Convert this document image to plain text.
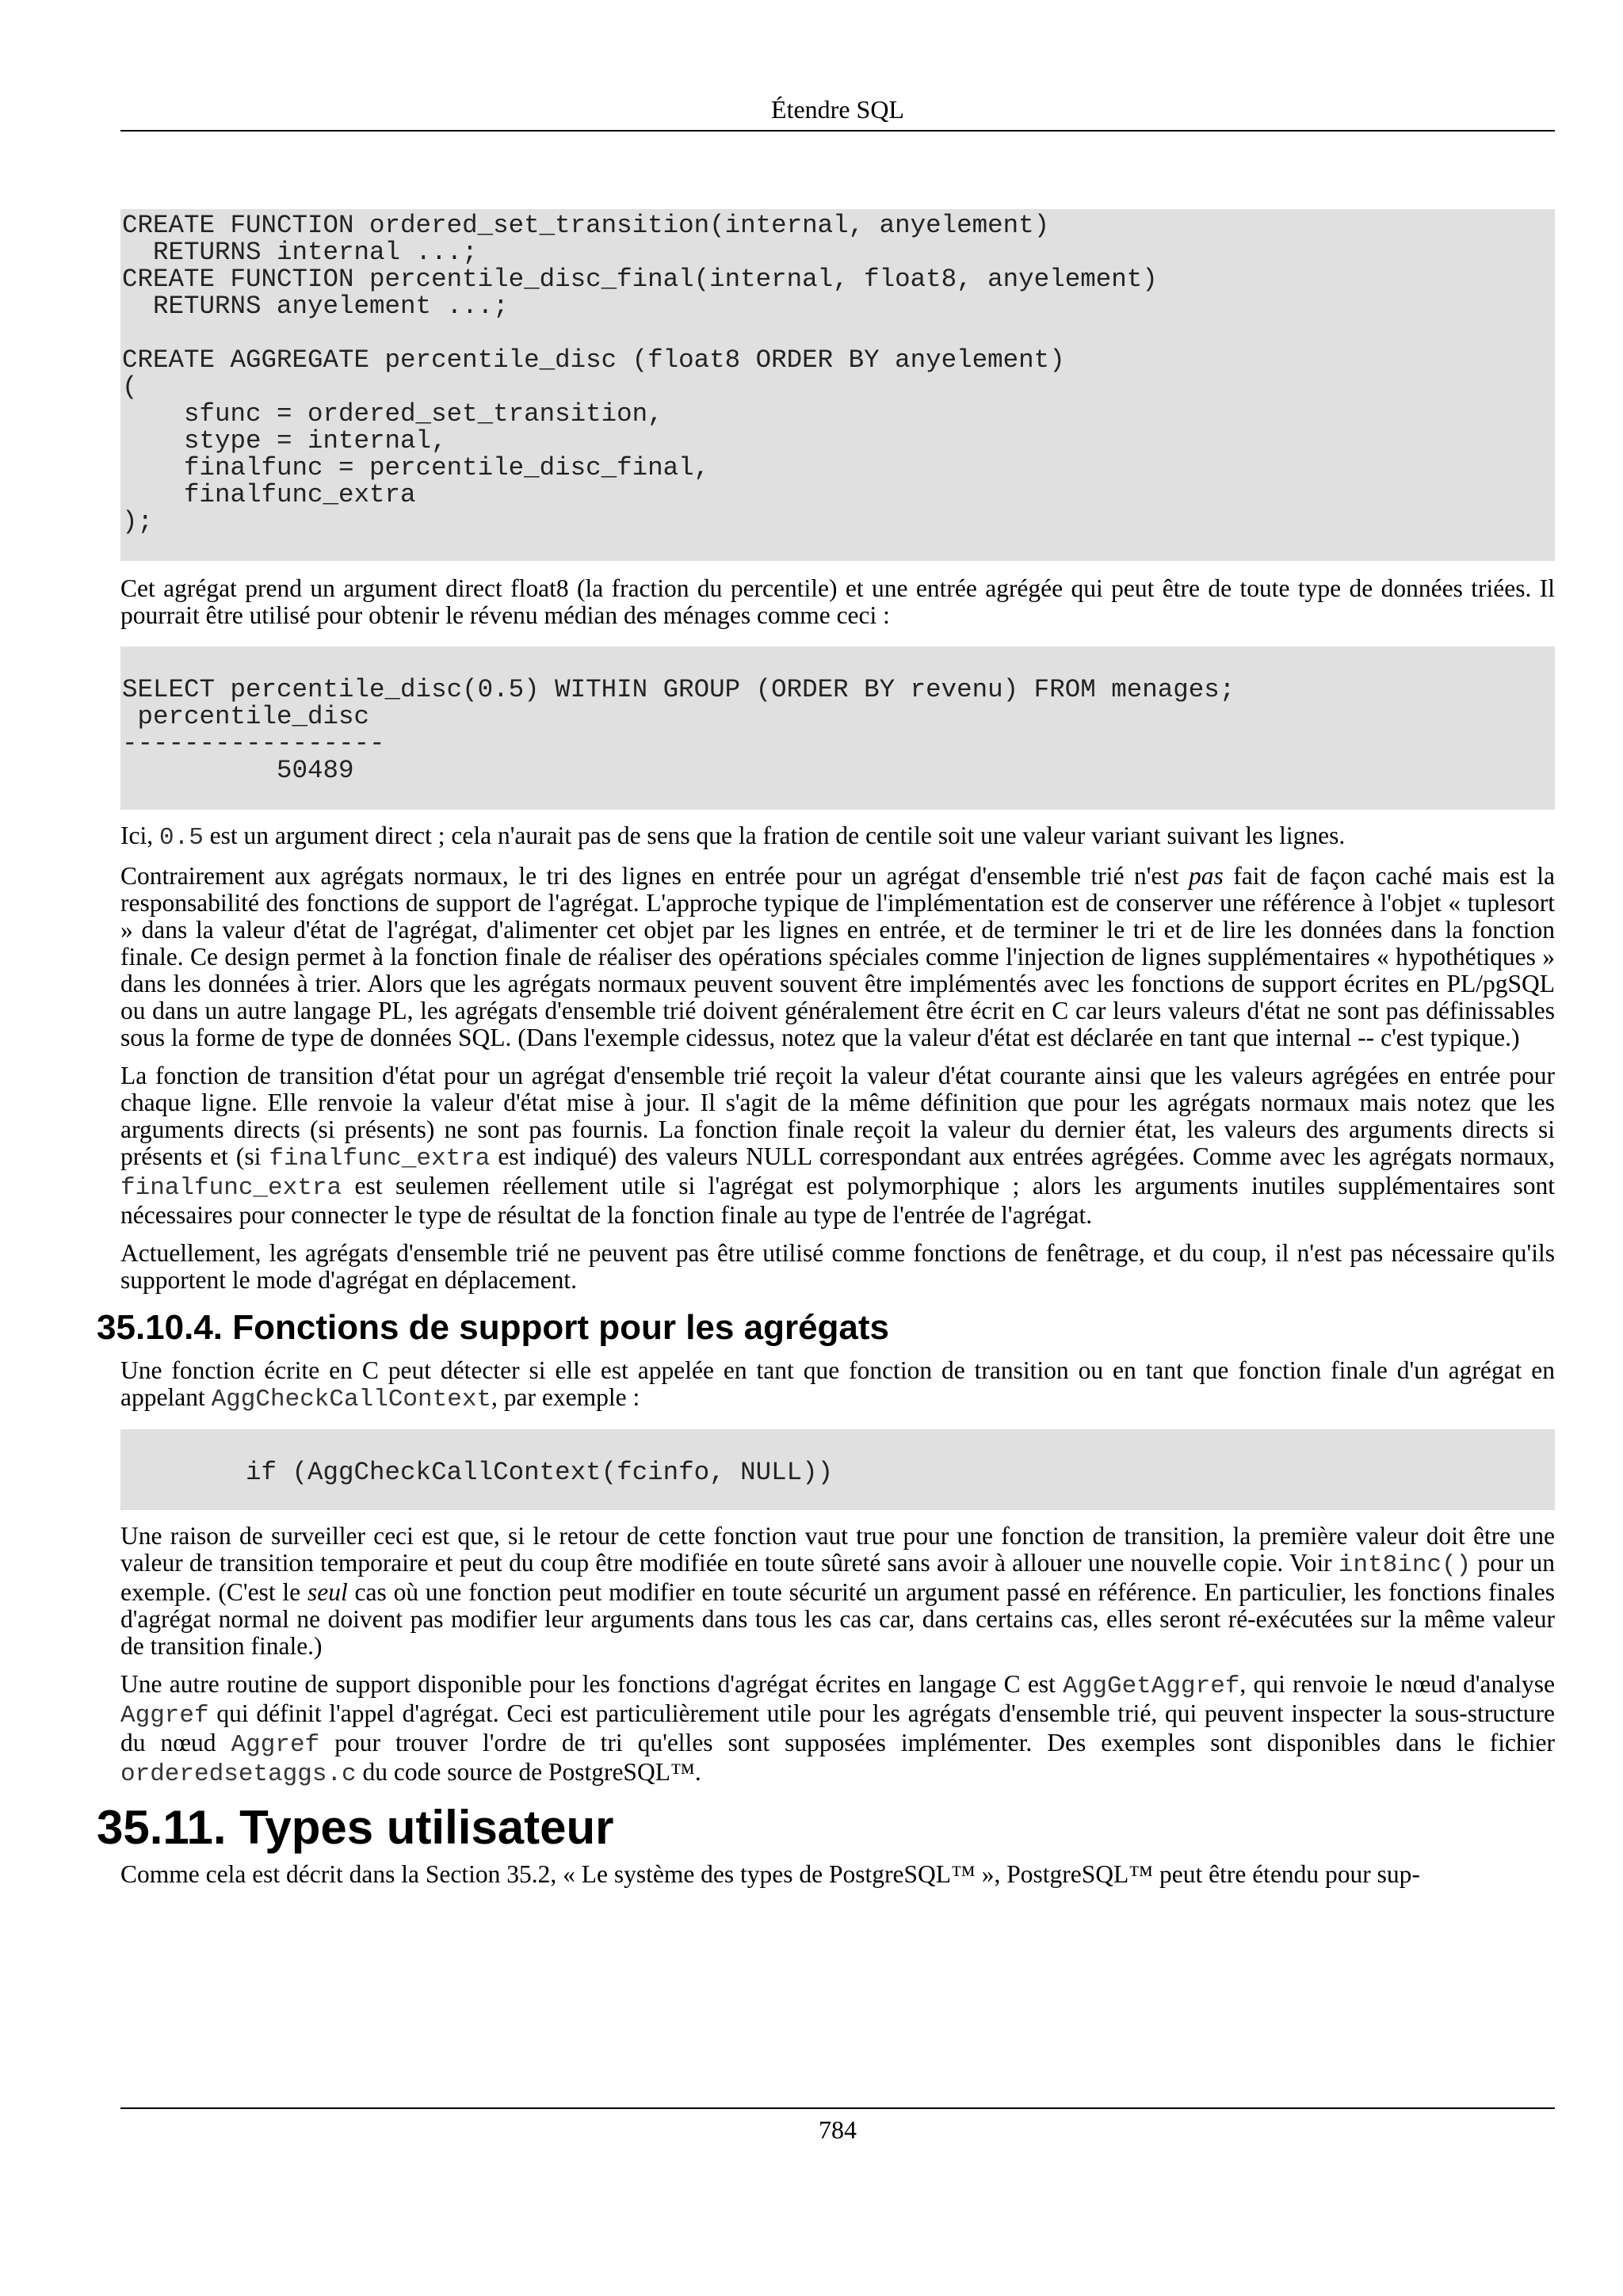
Étendre SQL
CREATE FUNCTION ordered_set_transition(internal, anyelement)
RETURNS internal ...;
CREATE FUNCTION percentile_disc_final(internal, float8, anyelement)
RETURNS anyelement ...;

CREATE AGGREGATE percentile_disc (float8 ORDER BY anyelement)
(
sfunc = ordered_set_transition,
stype = internal,
finalfunc = percentile_disc_final,
finalfunc_extra
);

Cet agrégat prend un argument direct float8 (la fraction du percentile) et une entrée agrégée qui peut être de toute type de données triées. Il pourrait être utilisé pour obtenir le révenu médian des ménages comme ceci :

SELECT percentile_disc(0.5) WITHIN GROUP (ORDER BY revenu) FROM menages;
percentile_disc
-----------------
50489

Ici, 0.5 est un argument direct ; cela n'aurait pas de sens que la fration de centile soit une valeur variant suivant les lignes.

Contrairement aux agrégats normaux, le tri des lignes en entrée pour un agrégat d'ensemble trié n'est pas fait de façon caché mais est la responsabilité des fonctions de support de l'agrégat. L'approche typique de l'implémentation est de conserver une référence à l'objet « tuplesort » dans la valeur d'état de l'agrégat, d'alimenter cet objet par les lignes en entrée, et de terminer le tri et de lire les données dans la fonction finale. Ce design permet à la fonction finale de réaliser des opérations spéciales comme l'injection de lignes supplémentaires « hypothétiques » dans les données à trier. Alors que les agrégats normaux peuvent souvent être implémentés avec les fonctions de support écrites en PL/pgSQL ou dans un autre langage PL, les agrégats d'ensemble trié doivent généralement être écrit en C car leurs valeurs d'état ne sont pas définissables sous la forme de type de données SQL. (Dans l'exemple cidessus, notez que la valeur d'état est déclarée en tant que internal -- c'est typique.)

La fonction de transition d'état pour un agrégat d'ensemble trié reçoit la valeur d'état courante ainsi que les valeurs agrégées en entrée pour chaque ligne. Elle renvoie la valeur d'état mise à jour. Il s'agit de la même définition que pour les agrégats normaux mais notez que les arguments directs (si présents) ne sont pas fournis. La fonction finale reçoit la valeur du dernier état, les valeurs des arguments directs si présents et (si finalfunc_extra est indiqué) des valeurs NULL correspondant aux entrées agrégées. Comme avec les agrégats normaux, finalfunc_extra est seulemen réellement utile si l'agrégat est polymorphique ; alors les arguments inutiles supplémentaires sont nécessaires pour connecter le type de résultat de la fonction finale au type de l'entrée de l'agrégat.

Actuellement, les agrégats d'ensemble trié ne peuvent pas être utilisé comme fonctions de fenêtrage, et du coup, il n'est pas nécessaire qu'ils supportent le mode d'agrégat en déplacement.

35.10.4. Fonctions de support pour les agrégats

Une fonction écrite en C peut détecter si elle est appelée en tant que fonction de transition ou en tant que fonction finale d'un agrégat en appelant AggCheckCallContext, par exemple :

if (AggCheckCallContext(fcinfo, NULL))

Une raison de surveiller ceci est que, si le retour de cette fonction vaut true pour une fonction de transition, la première valeur doit être une valeur de transition temporaire et peut du coup être modifiée en toute sûreté sans avoir à allouer une nouvelle copie. Voir int8inc() pour un exemple. (C'est le seul cas où une fonction peut modifier en toute sécurité un argument passé en référence. En particulier, les fonctions finales d'agrégat normal ne doivent pas modifier leur arguments dans tous les cas car, dans certains cas, elles seront ré-exécutées sur la même valeur de transition finale.)

Une autre routine de support disponible pour les fonctions d'agrégat écrites en langage C est AggGetAggref, qui renvoie le nœud d'analyse Aggref qui définit l'appel d'agrégat. Ceci est particulièrement utile pour les agrégats d'ensemble trié, qui peuvent inspecter la sous-structure du nœud Aggref pour trouver l'ordre de tri qu'elles sont supposées implémenter. Des exemples sont disponibles dans le fichier orderedsetaggs.c du code source de PostgreSQL™.

35.11. Types utilisateur

Comme cela est décrit dans la Section 35.2, « Le système des types de PostgreSQL™ », PostgreSQL™ peut être étendu pour sup-

784
